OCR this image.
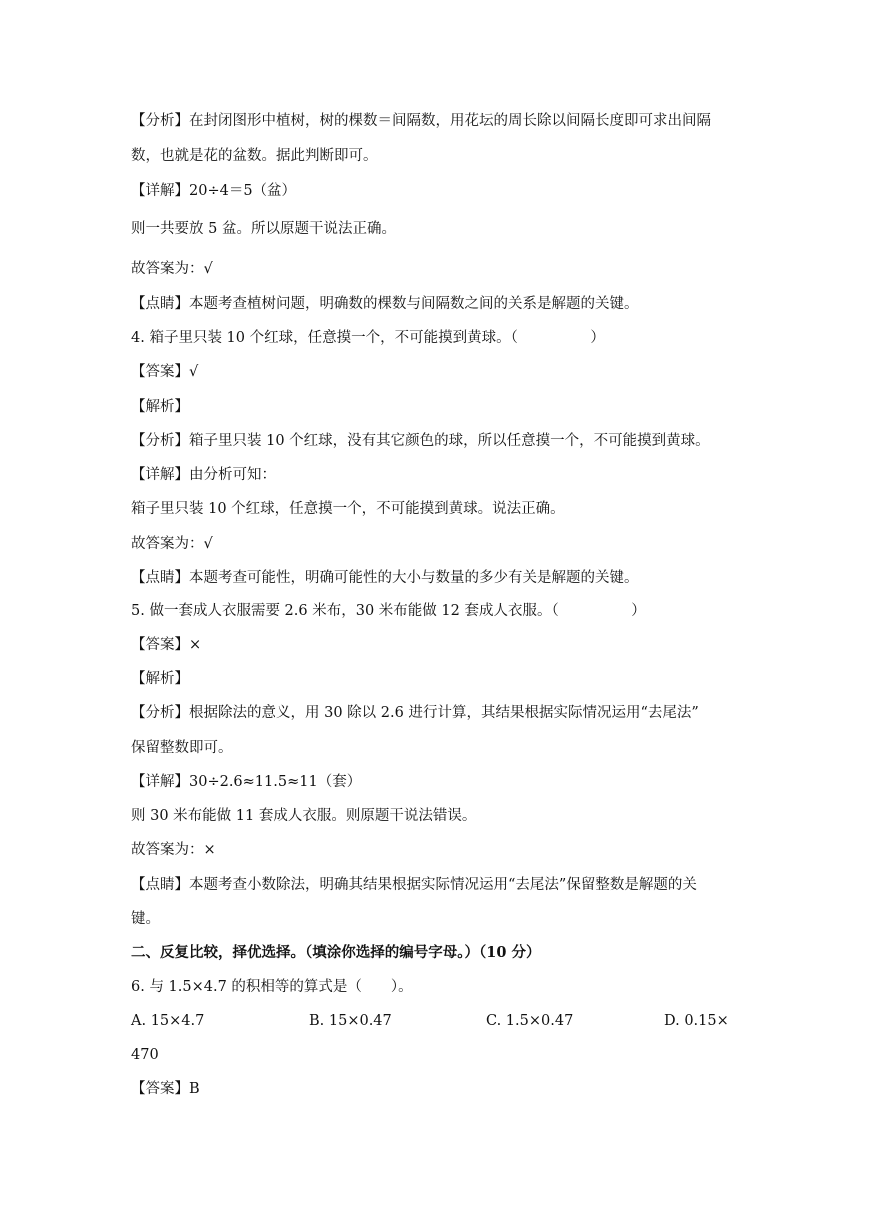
【分析】在封闭图形中植树，树的棵数＝间隔数，用花坛的周长除以间隔长度即可求出间隔
数，也就是花的盆数。据此判断即可。
【详解】20÷4＝5（盆）
则一共要放 5 盆。所以原题干说法正确。
故答案为：√
【点睛】本题考查植树问题，明确数的棵数与间隔数之间的关系是解题的关键。
4. 箱子里只装 10 个红球，任意摸一个，不可能摸到黄球。（　　　　　）
【答案】√
【解析】
【分析】箱子里只装 10 个红球，没有其它颜色的球，所以任意摸一个，不可能摸到黄球。
【详解】由分析可知：
箱子里只装 10 个红球，任意摸一个，不可能摸到黄球。说法正确。
故答案为：√
【点睛】本题考查可能性，明确可能性的大小与数量的多少有关是解题的关键。
5. 做一套成人衣服需要 2.6 米布，30 米布能做 12 套成人衣服。（　　　　　）
【答案】×
【解析】
【分析】根据除法的意义，用 30 除以 2.6 进行计算，其结果根据实际情况运用“去尾法”
保留整数即可。
【详解】30÷2.6≈11.5≈11（套）
则 30 米布能做 11 套成人衣服。则原题干说法错误。
故答案为：×
【点睛】本题考查小数除法，明确其结果根据实际情况运用“去尾法”保留整数是解题的关
键。
二、反复比较，择优选择。（填涂你选择的编号字母。）（10 分）
6. 与 1.5×4.7 的积相等的算式是（　　）。
A. 15×4.7	B. 15×0.47	C. 1.5×0.47	D. 0.15×
470
【答案】B
